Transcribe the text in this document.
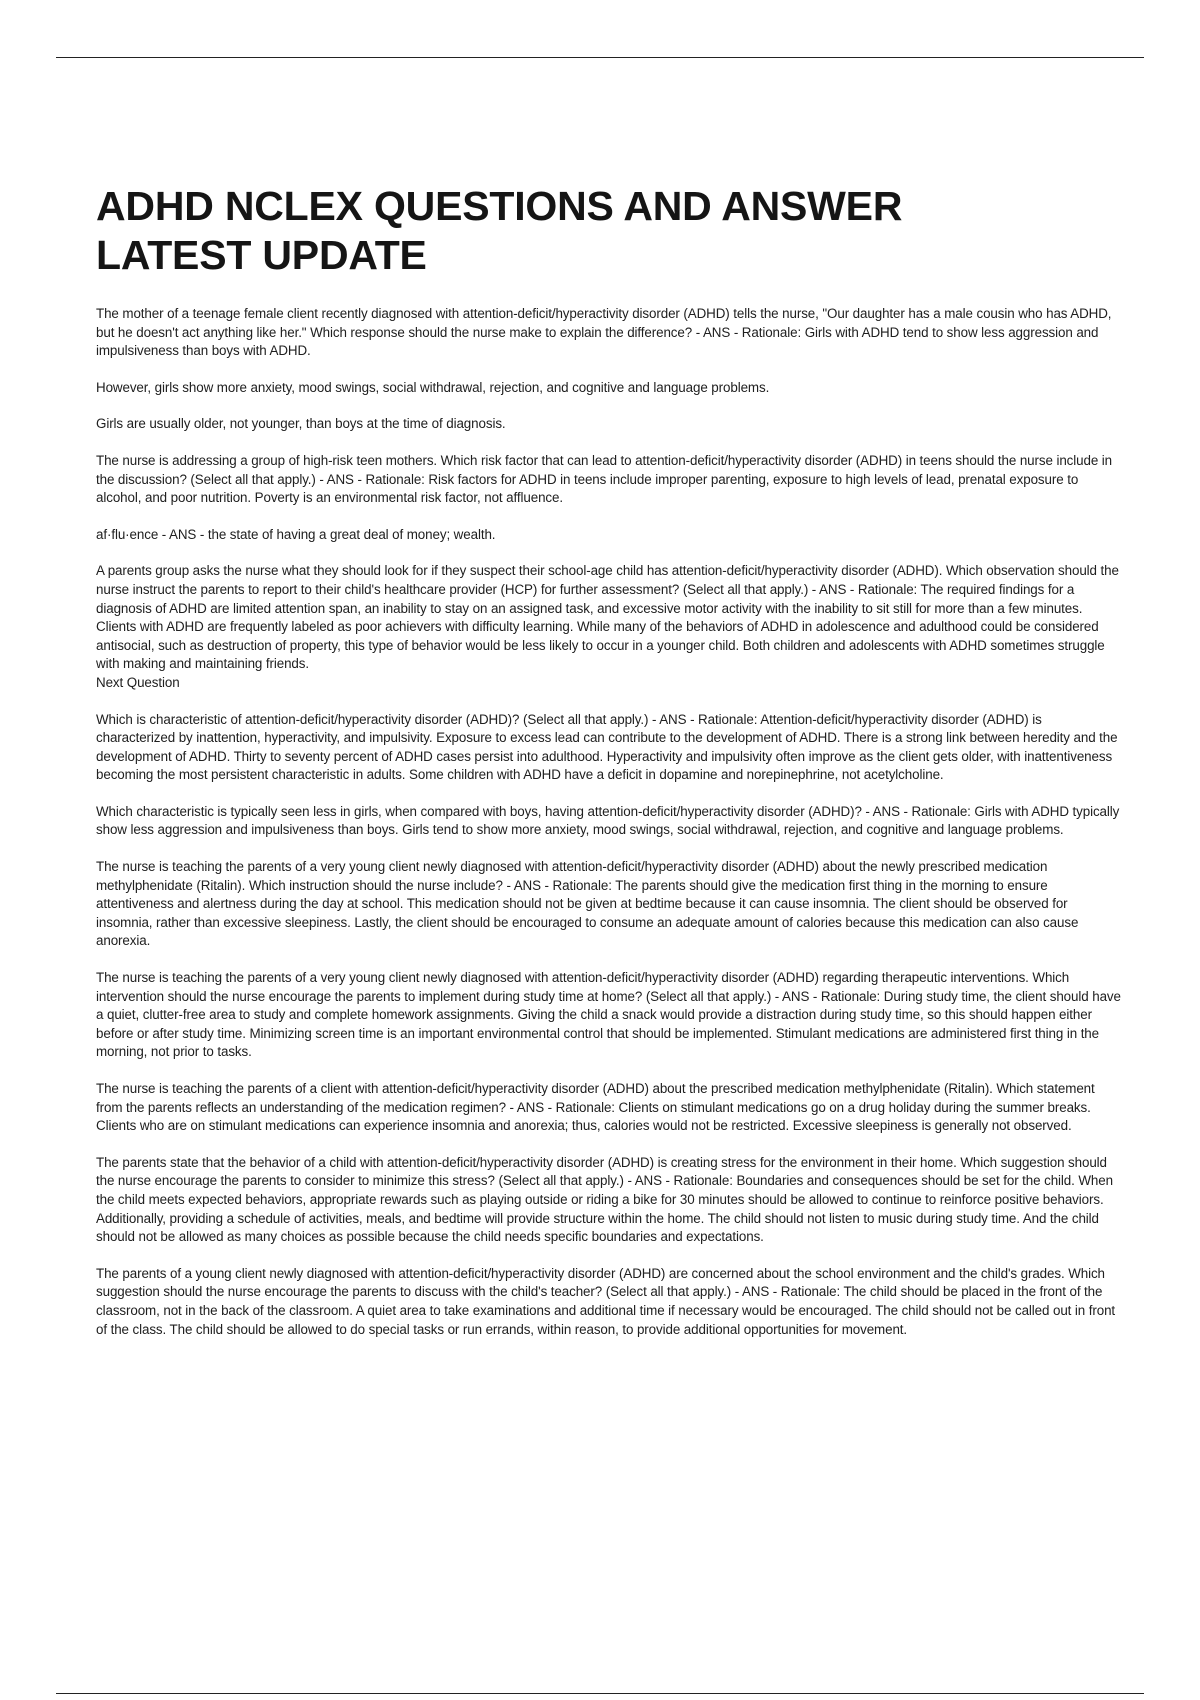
ADHD NCLEX QUESTIONS AND ANSWER
LATEST UPDATE

The mother of a teenage female client recently diagnosed with attention-deficit/hyperactivity disorder (ADHD) tells the nurse, "Our daughter has a male cousin who has ADHD, but he doesn't act anything like her." Which response should the nurse make to explain the difference? - ANS - Rationale: Girls with ADHD tend to show less aggression and impulsiveness than boys with ADHD.

However, girls show more anxiety, mood swings, social withdrawal, rejection, and cognitive and language problems.

Girls are usually older, not younger, than boys at the time of diagnosis.

The nurse is addressing a group of high-risk teen mothers. Which risk factor that can lead to attention-deficit/hyperactivity disorder (ADHD) in teens should the nurse include in the discussion? (Select all that apply.) - ANS - Rationale: Risk factors for ADHD in teens include improper parenting, exposure to high levels of lead, prenatal exposure to alcohol, and poor nutrition. Poverty is an environmental risk factor, not affluence.

af·flu·ence - ANS - the state of having a great deal of money; wealth.

A parents group asks the nurse what they should look for if they suspect their school-age child has attention-deficit/hyperactivity disorder (ADHD). Which observation should the nurse instruct the parents to report to their child's healthcare provider (HCP) for further assessment? (Select all that apply.) - ANS - Rationale: The required findings for a diagnosis of ADHD are limited attention span, an inability to stay on an assigned task, and excessive motor activity with the inability to sit still for more than a few minutes. Clients with ADHD are frequently labeled as poor achievers with difficulty learning. While many of the behaviors of ADHD in adolescence and adulthood could be considered antisocial, such as destruction of property, this type of behavior would be less likely to occur in a younger child. Both children and adolescents with ADHD sometimes struggle with making and maintaining friends.
Next Question

Which is characteristic of attention-deficit/hyperactivity disorder (ADHD)? (Select all that apply.) - ANS - Rationale: Attention-deficit/hyperactivity disorder (ADHD) is characterized by inattention, hyperactivity, and impulsivity. Exposure to excess lead can contribute to the development of ADHD. There is a strong link between heredity and the development of ADHD. Thirty to seventy percent of ADHD cases persist into adulthood. Hyperactivity and impulsivity often improve as the client gets older, with inattentiveness becoming the most persistent characteristic in adults. Some children with ADHD have a deficit in dopamine and norepinephrine, not acetylcholine.

Which characteristic is typically seen less in girls, when compared with boys, having attention-deficit/hyperactivity disorder (ADHD)? - ANS - Rationale: Girls with ADHD typically show less aggression and impulsiveness than boys. Girls tend to show more anxiety, mood swings, social withdrawal, rejection, and cognitive and language problems.

The nurse is teaching the parents of a very young client newly diagnosed with attention-deficit/hyperactivity disorder (ADHD) about the newly prescribed medication methylphenidate (Ritalin). Which instruction should the nurse include? - ANS - Rationale: The parents should give the medication first thing in the morning to ensure attentiveness and alertness during the day at school. This medication should not be given at bedtime because it can cause insomnia. The client should be observed for insomnia, rather than excessive sleepiness. Lastly, the client should be encouraged to consume an adequate amount of calories because this medication can also cause anorexia.

The nurse is teaching the parents of a very young client newly diagnosed with attention-deficit/hyperactivity disorder (ADHD) regarding therapeutic interventions. Which intervention should the nurse encourage the parents to implement during study time at home? (Select all that apply.) - ANS - Rationale: During study time, the client should have a quiet, clutter-free area to study and complete homework assignments. Giving the child a snack would provide a distraction during study time, so this should happen either before or after study time. Minimizing screen time is an important environmental control that should be implemented. Stimulant medications are administered first thing in the morning, not prior to tasks.

The nurse is teaching the parents of a client with attention-deficit/hyperactivity disorder (ADHD) about the prescribed medication methylphenidate (Ritalin). Which statement from the parents reflects an understanding of the medication regimen? - ANS - Rationale: Clients on stimulant medications go on a drug holiday during the summer breaks. Clients who are on stimulant medications can experience insomnia and anorexia; thus, calories would not be restricted. Excessive sleepiness is generally not observed.

The parents state that the behavior of a child with attention-deficit/hyperactivity disorder (ADHD) is creating stress for the environment in their home. Which suggestion should the nurse encourage the parents to consider to minimize this stress? (Select all that apply.) - ANS - Rationale: Boundaries and consequences should be set for the child. When the child meets expected behaviors, appropriate rewards such as playing outside or riding a bike for 30 minutes should be allowed to continue to reinforce positive behaviors. Additionally, providing a schedule of activities, meals, and bedtime will provide structure within the home. The child should not listen to music during study time. And the child should not be allowed as many choices as possible because the child needs specific boundaries and expectations.

The parents of a young client newly diagnosed with attention-deficit/hyperactivity disorder (ADHD) are concerned about the school environment and the child's grades. Which suggestion should the nurse encourage the parents to discuss with the child's teacher? (Select all that apply.) - ANS - Rationale: The child should be placed in the front of the classroom, not in the back of the classroom. A quiet area to take examinations and additional time if necessary would be encouraged. The child should not be called out in front of the class. The child should be allowed to do special tasks or run errands, within reason, to provide additional opportunities for movement.
